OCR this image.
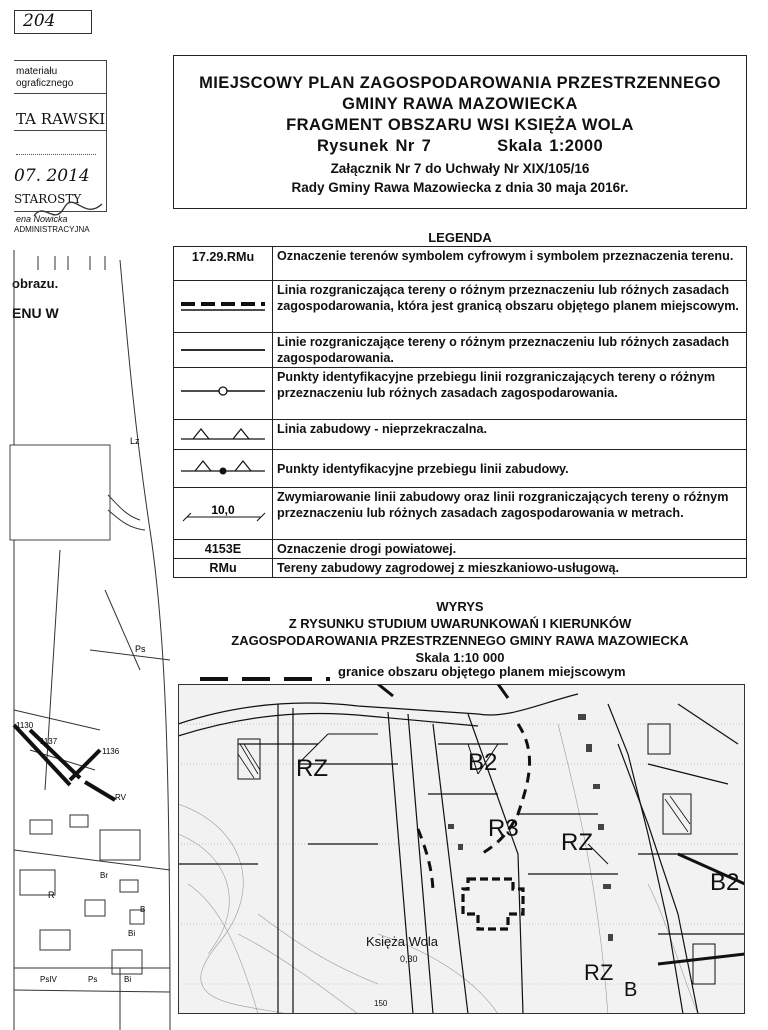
204
materiału
ograficznego
TA RAWSKI
07. 2014
STAROSTY
ena Nowicka
ADMINISTRACYJNA
obrazu.
ENU W
Lz
Ps
1130
1137
1136
RV
Br
R
B
Bi
PsIV	Ps	Bi
MIEJSCOWY PLAN ZAGOSPODAROWANIA PRZESTRZENNEGO
GMINY RAWA MAZOWIECKA
FRAGMENT OBSZARU WSI KSIĘŻA WOLA
Rysunek Nr 7	Skala 1:2000
Załącznik Nr 7 do Uchwały Nr XIX/105/16
Rady Gminy Rawa Mazowiecka z dnia 30 maja 2016r.
LEGENDA
17.29.RMu	Oznaczenie terenów symbolem cyfrowym i symbolem przeznaczenia terenu.
	Linia rozgraniczająca tereny o różnym przeznaczeniu lub różnych zasadach zagospodarowania, która jest granicą obszaru objętego planem miejscowym.
	Linie rozgraniczające tereny o różnym przeznaczeniu lub różnych zasadach zagospodarowania.
	Punkty identyfikacyjne przebiegu linii rozgraniczających tereny o różnym przeznaczeniu lub różnych zasadach zagospodarowania.
	Linia zabudowy - nieprzekraczalna.
	Punkty identyfikacyjne przebiegu linii zabudowy.

10,0	Zwymiarowanie linii zabudowy oraz linii rozgraniczających tereny o różnym przeznaczeniu lub różnych zasadach zagospodarowania w metrach.
4153E	Oznaczenie drogi powiatowej.
RMu	Tereny zabudowy zagrodowej z mieszkaniowo-usługową.
WYRYS
Z RYSUNKU STUDIUM UWARUNKOWAŃ I KIERUNKÓW
ZAGOSPODAROWANIA PRZESTRZENNEGO GMINY RAWA MAZOWIECKA
Skala 1:10 000
granice obszaru objętego planem miejscowym
RZ	B2
R3
RZ
B2
Księża Wola
RZ
B
0,30
150
